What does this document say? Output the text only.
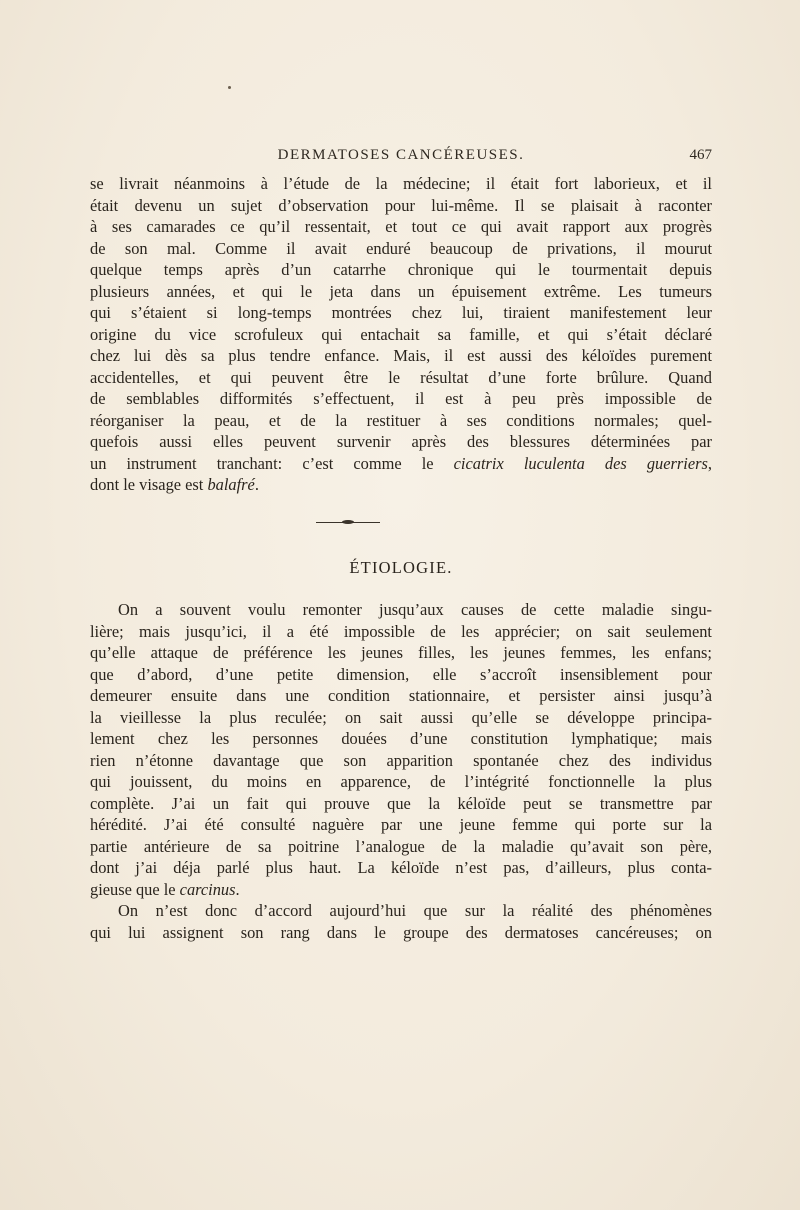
DERMATOSES CANCÉREUSES.	467
se livrait néanmoins à l’étude de la médecine; il était fort laborieux, et il
était devenu un sujet d’observation pour lui-même. Il se plaisait à raconter
à ses camarades ce qu’il ressentait, et tout ce qui avait rapport aux progrès
de son mal. Comme il avait enduré beaucoup de privations, il mourut
quelque temps après d’un catarrhe chronique qui le tourmentait depuis
plusieurs années, et qui le jeta dans un épuisement extrême. Les tumeurs
qui s’étaient si long-temps montrées chez lui, tiraient manifestement leur
origine du vice scrofuleux qui entachait sa famille, et qui s’était déclaré
chez lui dès sa plus tendre enfance. Mais, il est aussi des kéloïdes purement
accidentelles, et qui peuvent être le résultat d’une forte brûlure. Quand
de semblables difformités s’effectuent, il est à peu près impossible de
réorganiser la peau, et de la restituer à ses conditions normales; quel-
quefois aussi elles peuvent survenir après des blessures déterminées par
un instrument tranchant: c’est comme le cicatrix luculenta des guerriers,
dont le visage est balafré.
ÉTIOLOGIE.
On a souvent voulu remonter jusqu’aux causes de cette maladie singu-
lière; mais jusqu’ici, il a été impossible de les apprécier; on sait seulement
qu’elle attaque de préférence les jeunes filles, les jeunes femmes, les enfans;
que d’abord, d’une petite dimension, elle s’accroît insensiblement pour
demeurer ensuite dans une condition stationnaire, et persister ainsi jusqu’à
la vieillesse la plus reculée; on sait aussi qu’elle se développe principa-
lement chez les personnes douées d’une constitution lymphatique; mais
rien n’étonne davantage que son apparition spontanée chez des individus
qui jouissent, du moins en apparence, de l’intégrité fonctionnelle la plus
complète. J’ai un fait qui prouve que la kéloïde peut se transmettre par
hérédité. J’ai été consulté naguère par une jeune femme qui porte sur la
partie antérieure de sa poitrine l’analogue de la maladie qu’avait son père,
dont j’ai déja parlé plus haut. La kéloïde n’est pas, d’ailleurs, plus conta-
gieuse que le carcinus.
On n’est donc d’accord aujourd’hui que sur la réalité des phénomènes
qui lui assignent son rang dans le groupe des dermatoses cancéreuses; on
